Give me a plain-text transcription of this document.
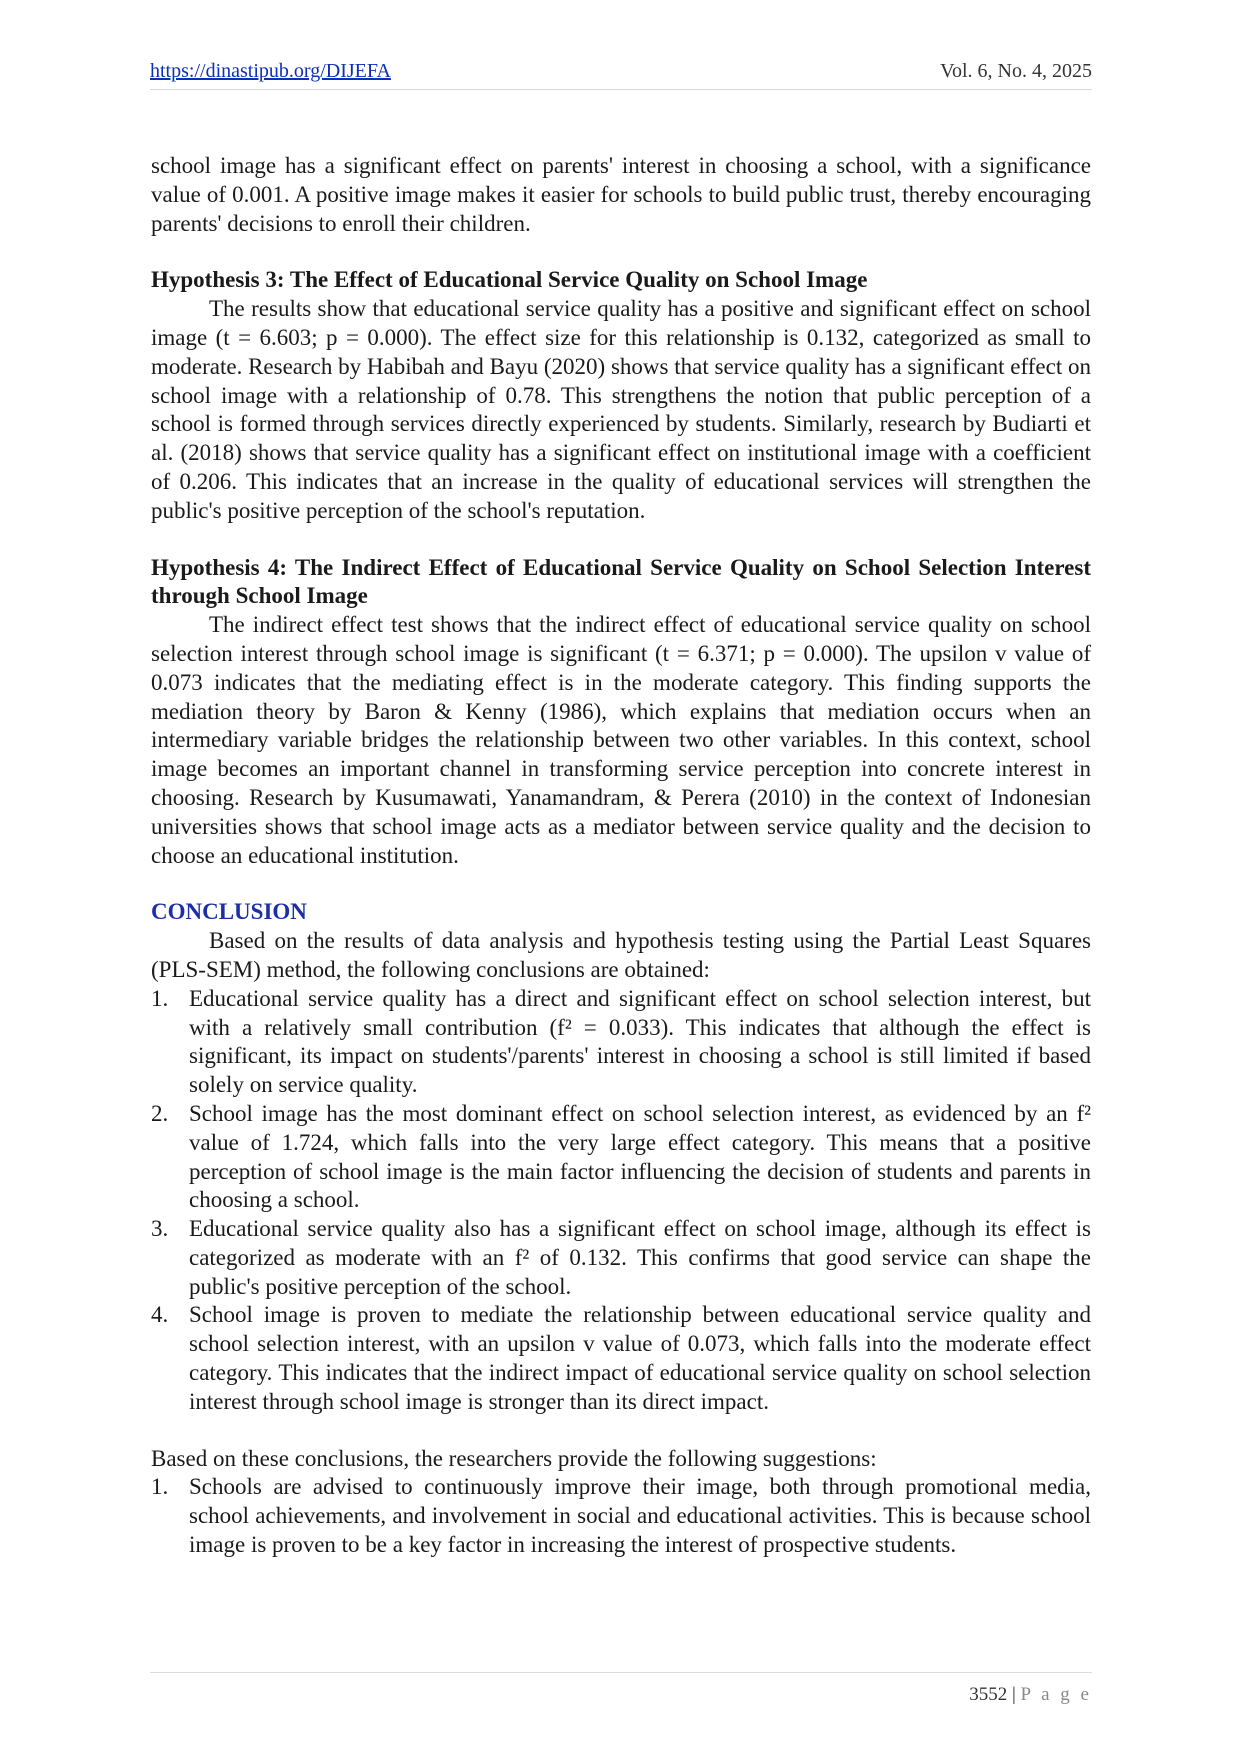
https://dinastipub.org/DIJEFA	Vol. 6, No. 4, 2025

school image has a significant effect on parents' interest in choosing a school, with a significance value of 0.001. A positive image makes it easier for schools to build public trust, thereby encouraging parents' decisions to enroll their children.

Hypothesis 3: The Effect of Educational Service Quality on School Image

The results show that educational service quality has a positive and significant effect on school image (t = 6.603; p = 0.000). The effect size for this relationship is 0.132, categorized as small to moderate. Research by Habibah and Bayu (2020) shows that service quality has a significant effect on school image with a relationship of 0.78. This strengthens the notion that public perception of a school is formed through services directly experienced by students. Similarly, research by Budiarti et al. (2018) shows that service quality has a significant effect on institutional image with a coefficient of 0.206. This indicates that an increase in the quality of educational services will strengthen the public's positive perception of the school's reputation.

Hypothesis 4: The Indirect Effect of Educational Service Quality on School Selection Interest through School Image

The indirect effect test shows that the indirect effect of educational service quality on school selection interest through school image is significant (t = 6.371; p = 0.000). The upsilon v value of 0.073 indicates that the mediating effect is in the moderate category. This finding supports the mediation theory by Baron & Kenny (1986), which explains that mediation occurs when an intermediary variable bridges the relationship between two other variables. In this context, school image becomes an important channel in transforming service perception into concrete interest in choosing. Research by Kusumawati, Yanamandram, & Perera (2010) in the context of Indonesian universities shows that school image acts as a mediator between service quality and the decision to choose an educational institution.

CONCLUSION

Based on the results of data analysis and hypothesis testing using the Partial Least Squares (PLS-SEM) method, the following conclusions are obtained:

1. Educational service quality has a direct and significant effect on school selection interest, but with a relatively small contribution (f² = 0.033). This indicates that although the effect is significant, its impact on students'/parents' interest in choosing a school is still limited if based solely on service quality.
2. School image has the most dominant effect on school selection interest, as evidenced by an f² value of 1.724, which falls into the very large effect category. This means that a positive perception of school image is the main factor influencing the decision of students and parents in choosing a school.
3. Educational service quality also has a significant effect on school image, although its effect is categorized as moderate with an f² of 0.132. This confirms that good service can shape the public's positive perception of the school.
4. School image is proven to mediate the relationship between educational service quality and school selection interest, with an upsilon v value of 0.073, which falls into the moderate effect category. This indicates that the indirect impact of educational service quality on school selection interest through school image is stronger than its direct impact.

Based on these conclusions, the researchers provide the following suggestions:

1. Schools are advised to continuously improve their image, both through promotional media, school achievements, and involvement in social and educational activities. This is because school image is proven to be a key factor in increasing the interest of prospective students.
3552 | P a g e
